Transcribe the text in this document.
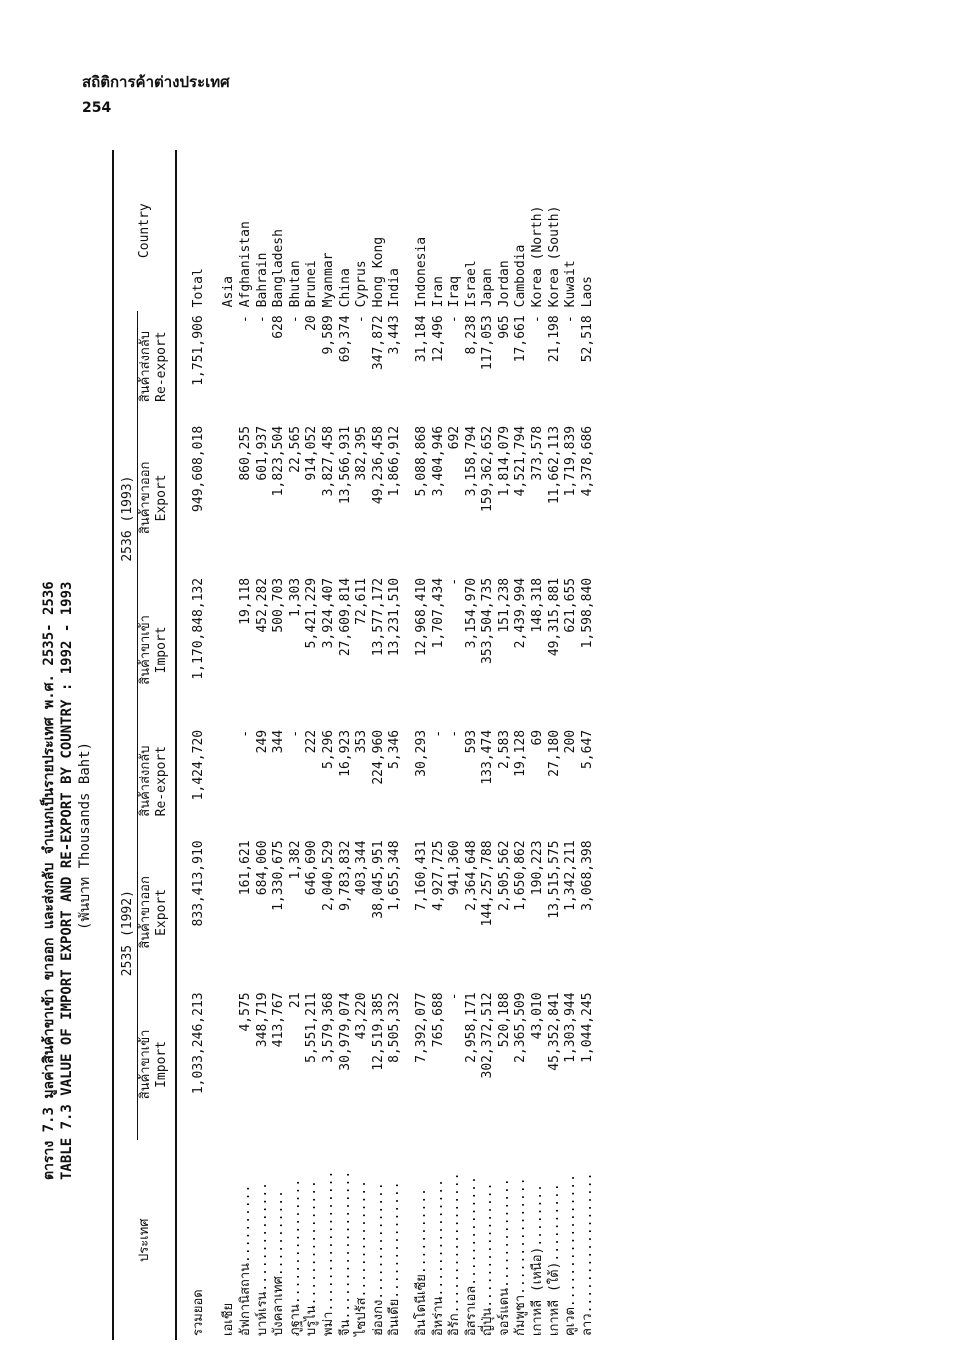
สถิติการค้าต่างประเทศ
254
ตาราง 7.3 มูลค่าสินค้าขาเข้า ขาออก และส่งกลับ จำแนกเป็นรายประเทศ พ.ศ. 2535- 2536 TABLE 7.3 VALUE OF IMPORT EXPORT AND RE-EXPORT BY COUNTRY : 1992 - 1993 (พันบาท Thousands Baht)

ประเทศ	2535 (1992)			2536 (1993)			Country
	สินค้าขาเข้า Import	สินค้าขาออก Export	สินค้าส่งกลับ Re-export	สินค้าขาเข้า Import	สินค้าขาออก Export	สินค้าส่งกลับ Re-export	

รวมยอด	1,033,246,213	833,413,910	1,424,720	1,170,848,132	949,608,018	1,751,906	Total
เอเชีย							Asia
อัฟกานิสถาน..........	4,575	161,621	-	19,118	860,255	-	Afghanistan
บาห์เรน..............	348,719	684,060	249	452,282	601,937	-	Bahrain
บังคลาเทศ...........	413,767	1,330,675	344	500,703	1,823,504	628	Bangladesh
ภูฐาน................	21	1,382	-	1,303	22,565	-	Bhutan
บรูไน................	5,551,211	646,690	222	5,421,229	914,052	20	Brunei
พม่า..................	3,579,368	2,040,529	5,296	3,924,407	3,827,458	9,589	Myanmar
จีน...................	30,979,074	9,783,832	16,923	27,609,814	13,566,931	69,374	China
ไซปรัส...............	43,220	403,344	353	72,611	382,395	-	Cyprus
ฮ่องกง...............	12,519,385	38,045,951	224,960	13,577,172	49,236,458	347,872	Hong Kong
อินเดีย...............	8,505,332	1,655,348	5,346	13,231,510	1,866,912	3,443	India

อินโดนีเซีย...........	7,392,077	7,160,431	30,293	12,968,410	5,088,868	31,184	Indonesia
อิหร่าน...............	765,688	4,927,725	-	1,707,434	3,404,946	12,496	Iran
อิรัก..................	-	941,360	-	-	692	-	Iraq
อิสราเอล..............	2,958,171	2,364,648	593	3,154,970	3,158,794	8,238	Israel
ญี่ปุ่น................	302,372,512	144,257,788	133,474	353,504,735	159,362,652	117,053	Japan
จอร์แดน..............	520,188	2,505,562	2,583	151,238	1,814,079	965	Jordan
กัมพูชา...............	2,365,509	1,650,862	19,128	2,439,994	4,521,794	17,661	Cambodia
เกาหลี (เหนือ)........	43,010	190,223	69	148,318	373,578	-	Korea (North)
เกาหลี (ใต้)..........	45,352,841	13,515,575	27,180	49,315,881	11,662,113	21,198	Korea (South)
คูเวต.................	1,303,944	1,342,211	200	621,655	1,719,839	-	Kuwait
ลาว..................	1,044,245	3,068,398	5,647	1,598,840	4,378,686	52,518	Laos
